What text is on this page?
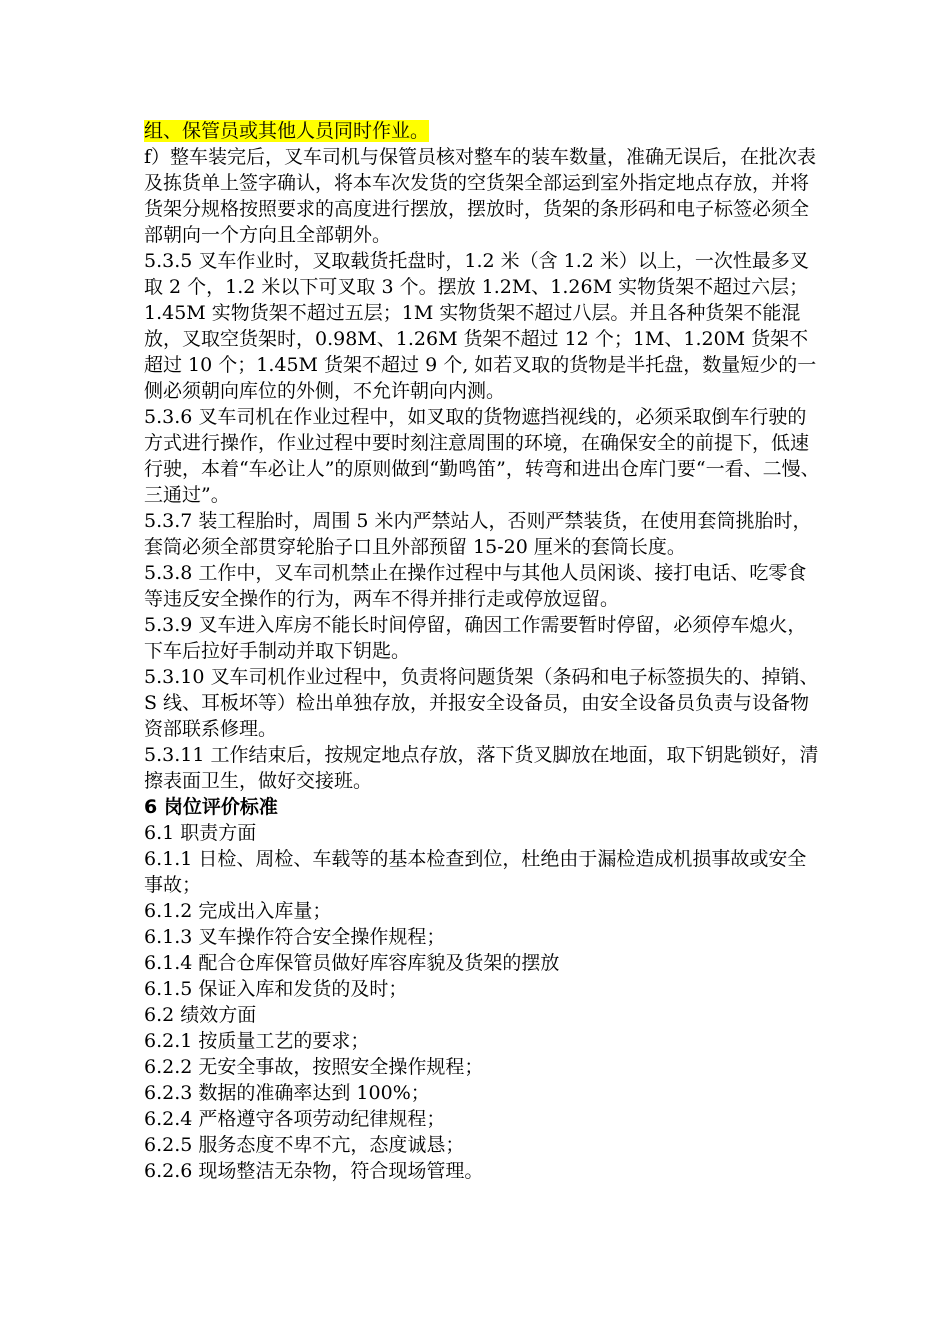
组、保管员或其他人员同时作业。

f）整车装完后，叉车司机与保管员核对整车的装车数量，准确无误后，在批次表及拣货单上签字确认，将本车次发货的空货架全部运到室外指定地点存放，并将货架分规格按照要求的高度进行摆放，摆放时，货架的条形码和电子标签必须全部朝向一个方向且全部朝外。

5.3.5 叉车作业时，叉取载货托盘时，1.2 米（含 1.2 米）以上，一次性最多叉取 2 个，1.2 米以下可叉取 3 个。摆放 1.2M、1.26M 实物货架不超过六层；1.45M 实物货架不超过五层；1M 实物货架不超过八层。并且各种货架不能混放，叉取空货架时，0.98M、1.26M 货架不超过 12 个；1M、1.20M 货架不超过 10 个；1.45M 货架不超过 9 个, 如若叉取的货物是半托盘，数量短少的一侧必须朝向库位的外侧，不允许朝向内测。

5.3.6 叉车司机在作业过程中，如叉取的货物遮挡视线的，必须采取倒车行驶的方式进行操作，作业过程中要时刻注意周围的环境，在确保安全的前提下，低速行驶，本着“车必让人”的原则做到“勤鸣笛”，转弯和进出仓库门要“一看、二慢、三通过”。

5.3.7 装工程胎时，周围 5 米内严禁站人，否则严禁装货，在使用套筒挑胎时，套筒必须全部贯穿轮胎子口且外部预留 15-20 厘米的套筒长度。

5.3.8 工作中，叉车司机禁止在操作过程中与其他人员闲谈、接打电话、吃零食等违反安全操作的行为，两车不得并排行走或停放逗留。

5.3.9 叉车进入库房不能长时间停留，确因工作需要暂时停留，必须停车熄火，下车后拉好手制动并取下钥匙。

5.3.10 叉车司机作业过程中，负责将问题货架（条码和电子标签损失的、掉销、S 线、耳板坏等）检出单独存放，并报安全设备员，由安全设备员负责与设备物资部联系修理。

5.3.11 工作结束后，按规定地点存放，落下货叉脚放在地面，取下钥匙锁好，清擦表面卫生，做好交接班。

6 岗位评价标准

6.1 职责方面

6.1.1 日检、周检、车载等的基本检查到位，杜绝由于漏检造成机损事故或安全事故；

6.1.2 完成出入库量；

6.1.3 叉车操作符合安全操作规程；

6.1.4 配合仓库保管员做好库容库貌及货架的摆放

6.1.5 保证入库和发货的及时；

6.2 绩效方面

6.2.1 按质量工艺的要求；

6.2.2 无安全事故，按照安全操作规程；

6.2.3 数据的准确率达到 100%；

6.2.4 严格遵守各项劳动纪律规程；

6.2.5 服务态度不卑不亢，态度诚恳；

6.2.6 现场整洁无杂物，符合现场管理。
